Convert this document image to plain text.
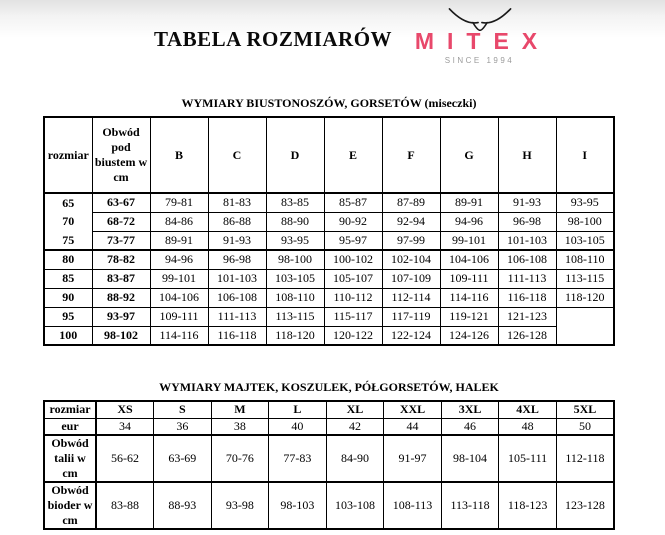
TABELA ROZMIARÓW MITEX
SINCE 1994
WYMIARY BIUSTONOSZÓW, GORSETÓW (miseczki)
rozmiar	Obwód pod biustem w cm	B	C	D	E	F	G	H	I
65	63-67	79-81	81-83	83-85	85-87	87-89	89-91	91-93	93-95
70	68-72	84-86	86-88	88-90	90-92	92-94	94-96	96-98	98-100
75	73-77	89-91	91-93	93-95	95-97	97-99	99-101	101-103	103-105
80	78-82	94-96	96-98	98-100	100-102	102-104	104-106	106-108	108-110
85	83-87	99-101	101-103	103-105	105-107	107-109	109-111	111-113	113-115
90	88-92	104-106	106-108	108-110	110-112	112-114	114-116	116-118	118-120
95	93-97	109-111	111-113	113-115	115-117	117-119	119-121	121-123	
100	98-102	114-116	116-118	118-120	120-122	122-124	124-126	126-128	
WYMIARY MAJTEK, KOSZULEK, PÓŁGORSETÓW, HALEK
rozmiar	XS	S	M	L	XL	XXL	3XL	4XL	5XL
eur	34	36	38	40	42	44	46	48	50
Obwód talii w cm	56-62	63-69	70-76	77-83	84-90	91-97	98-104	105-111	112-118
Obwód bioder w cm	83-88	88-93	93-98	98-103	103-108	108-113	113-118	118-123	123-128
